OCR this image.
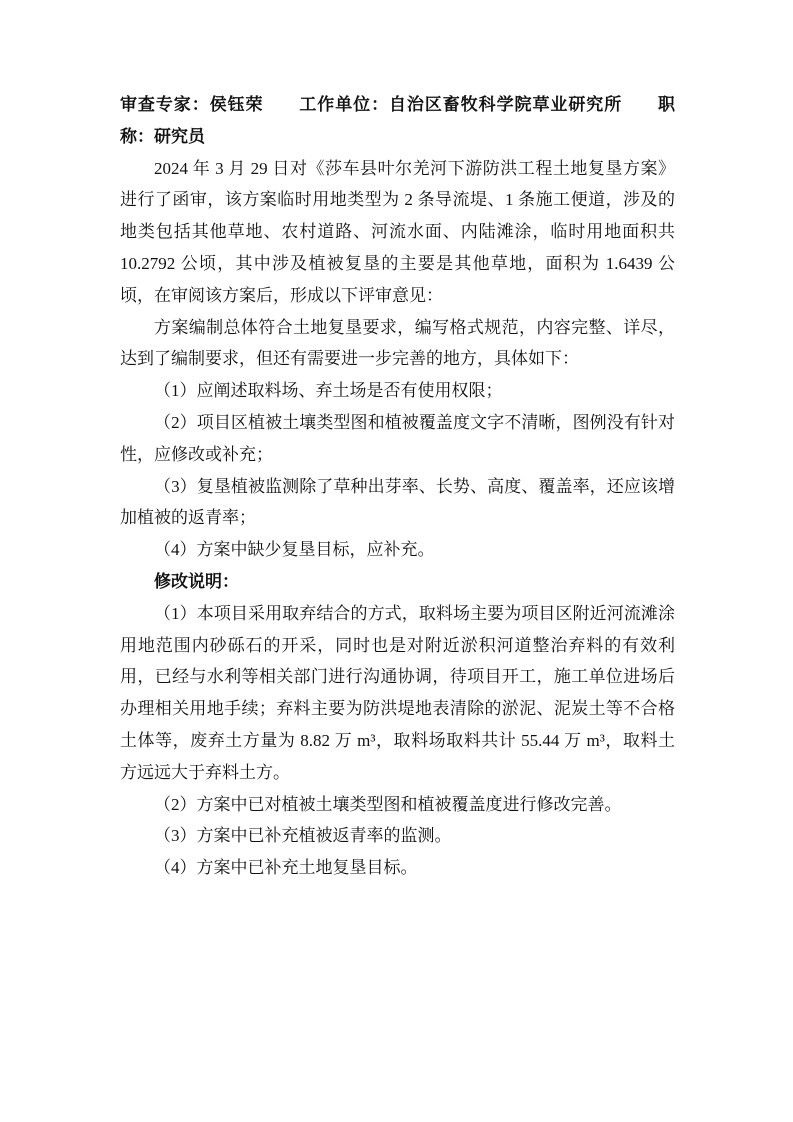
审查专家：侯钰荣　　工作单位：自治区畜牧科学院草业研究所　　职称：研究员

2024 年 3 月 29 日对《莎车县叶尔羌河下游防洪工程土地复垦方案》进行了函审，该方案临时用地类型为 2 条导流堤、1 条施工便道，涉及的地类包括其他草地、农村道路、河流水面、内陆滩涂，临时用地面积共 10.2792 公顷，其中涉及植被复垦的主要是其他草地，面积为 1.6439 公顷，在审阅该方案后，形成以下评审意见：

方案编制总体符合土地复垦要求，编写格式规范，内容完整、详尽，达到了编制要求，但还有需要进一步完善的地方，具体如下：

（1）应阐述取料场、弃土场是否有使用权限；

（2）项目区植被土壤类型图和植被覆盖度文字不清晰，图例没有针对性，应修改或补充；

（3）复垦植被监测除了草种出芽率、长势、高度、覆盖率，还应该增加植被的返青率；

（4）方案中缺少复垦目标，应补充。

修改说明：

（1）本项目采用取弃结合的方式，取料场主要为项目区附近河流滩涂用地范围内砂砾石的开采，同时也是对附近淤积河道整治弃料的有效利用，已经与水利等相关部门进行沟通协调，待项目开工，施工单位进场后办理相关用地手续；弃料主要为防洪堤地表清除的淤泥、泥炭土等不合格土体等，废弃土方量为 8.82 万 m³，取料场取料共计 55.44 万 m³，取料土方远远大于弃料土方。

（2）方案中已对植被土壤类型图和植被覆盖度进行修改完善。

（3）方案中已补充植被返青率的监测。

（4）方案中已补充土地复垦目标。
